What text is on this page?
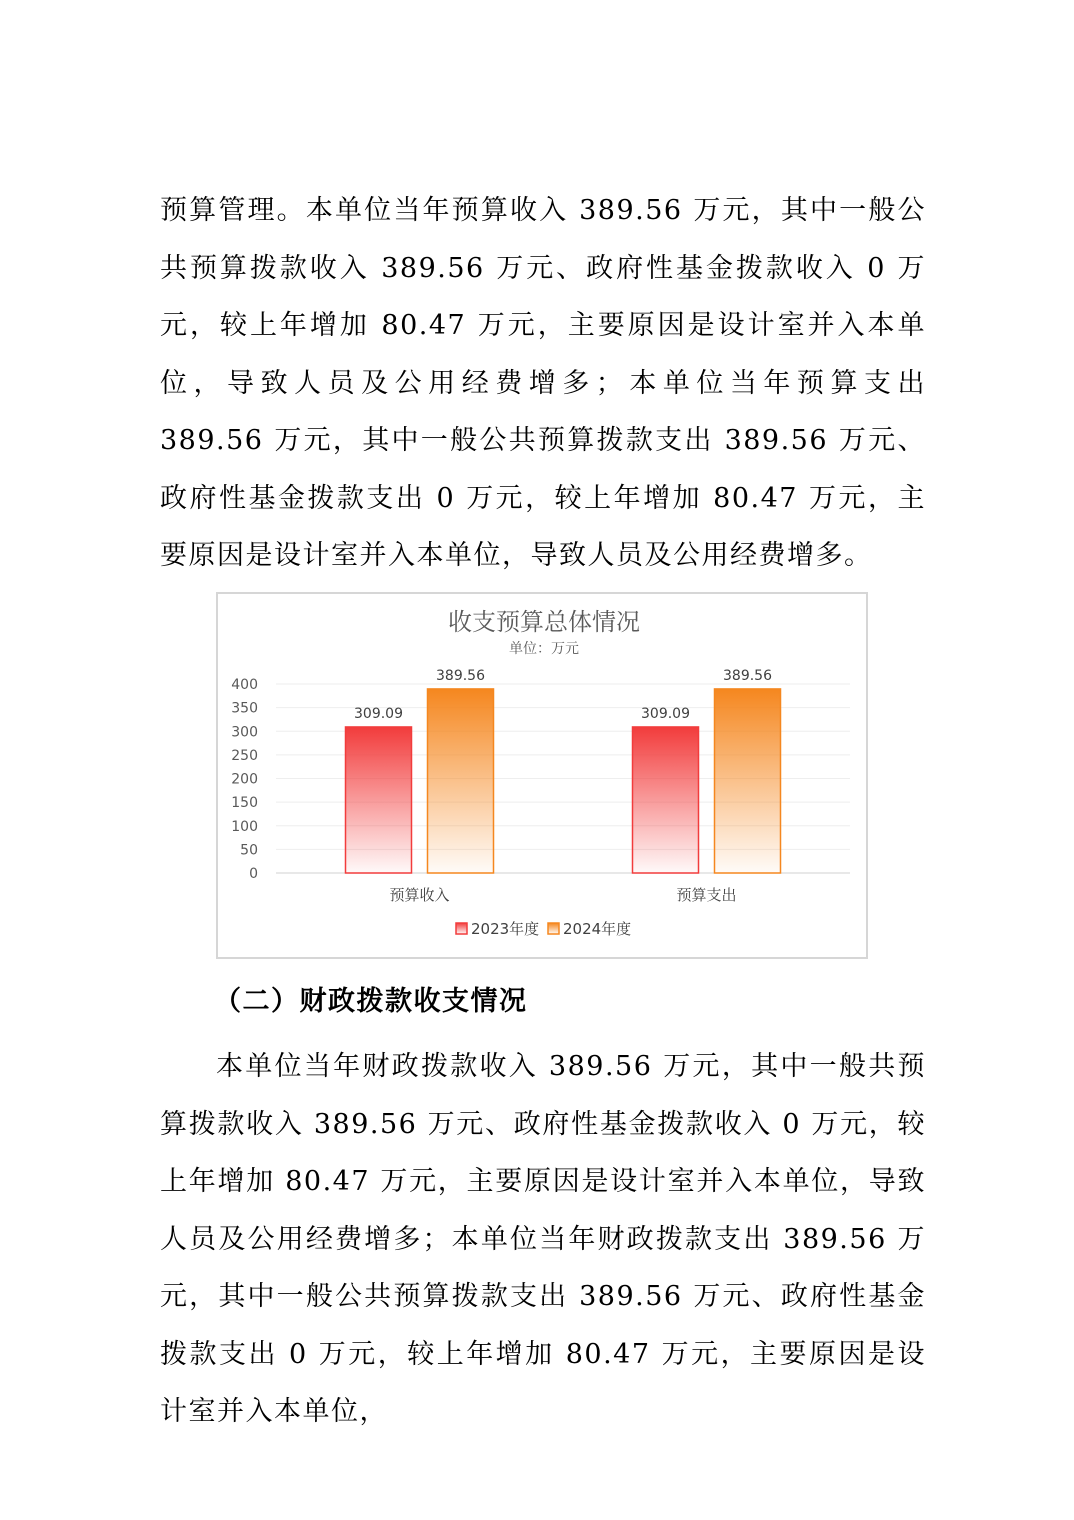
预算管理。本单位当年预算收入 389.56 万元，其中一般公共预算拨款收入 389.56 万元、政府性基金拨款收入 0 万元，较上年增加 80.47 万元，主要原因是设计室并入本单位，导致人员及公用经费增多；本单位当年预算支出 389.56 万元，其中一般公共预算拨款支出 389.56 万元、政府性基金拨款支出 0 万元，较上年增加 80.47 万元，主要原因是设计室并入本单位，导致人员及公用经费增多。

收支预算总体情况
单位：万元
0
50
100
150
200
250
300
350
400
309.09
389.56
309.09
389.56
预算收入	预算支出
2023年度 2024年度

（二）财政拨款收支情况

本单位当年财政拨款收入 389.56 万元，其中一般共预算拨款收入 389.56 万元、政府性基金拨款收入 0 万元，较上年增加 80.47 万元，主要原因是设计室并入本单位，导致人员及公用经费增多；本单位当年财政拨款支出 389.56 万元，其中一般公共预算拨款支出 389.56 万元、政府性基金拨款支出 0 万元，较上年增加 80.47 万元，主要原因是设计室并入本单位，
